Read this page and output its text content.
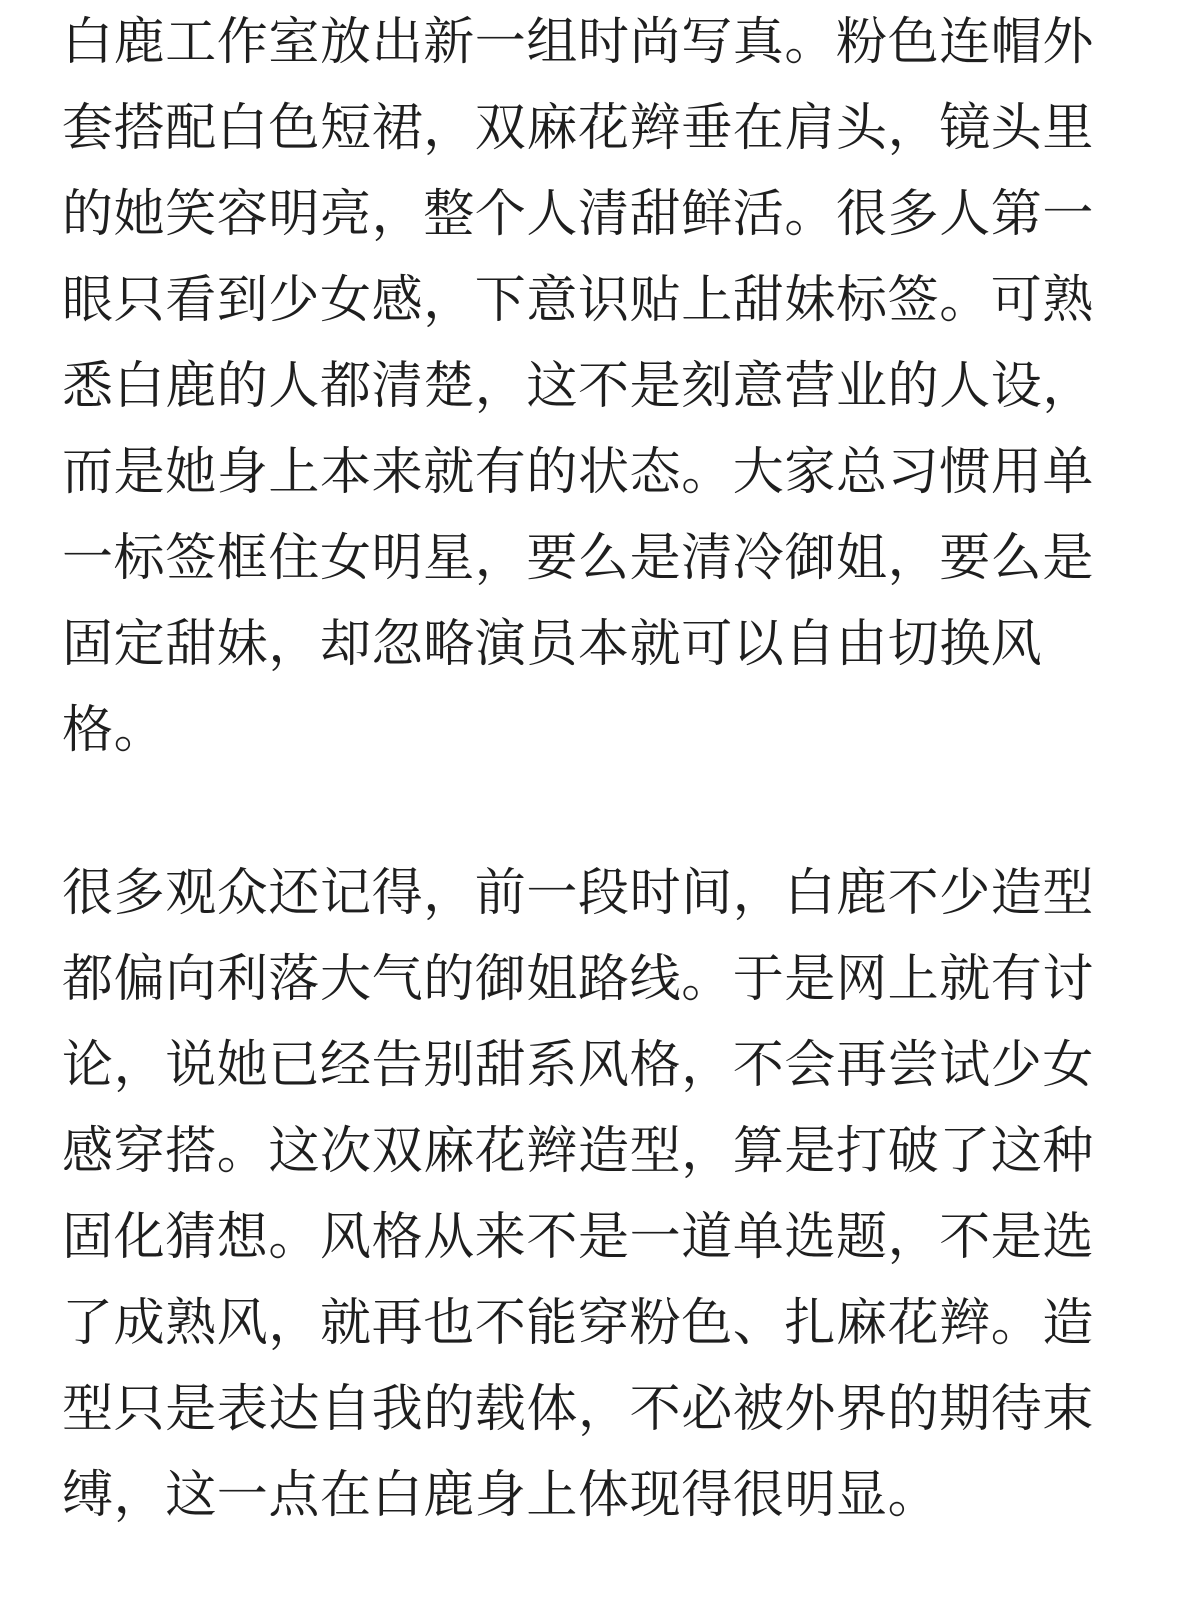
白鹿工作室放出新一组时尚写真。粉色连帽外套搭配白色短裙，双麻花辫垂在肩头，镜头里的她笑容明亮，整个人清甜鲜活。很多人第一眼只看到少女感，下意识贴上甜妹标签。可熟悉白鹿的人都清楚，这不是刻意营业的人设，而是她身上本来就有的状态。大家总习惯用单一标签框住女明星，要么是清冷御姐，要么是固定甜妹，却忽略演员本就可以自由切换风格。

很多观众还记得，前一段时间，白鹿不少造型都偏向利落大气的御姐路线。于是网上就有讨论，说她已经告别甜系风格，不会再尝试少女感穿搭。这次双麻花辫造型，算是打破了这种固化猜想。风格从来不是一道单选题，不是选了成熟风，就再也不能穿粉色、扎麻花辫。造型只是表达自我的载体，不必被外界的期待束缚，这一点在白鹿身上体现得很明显。
